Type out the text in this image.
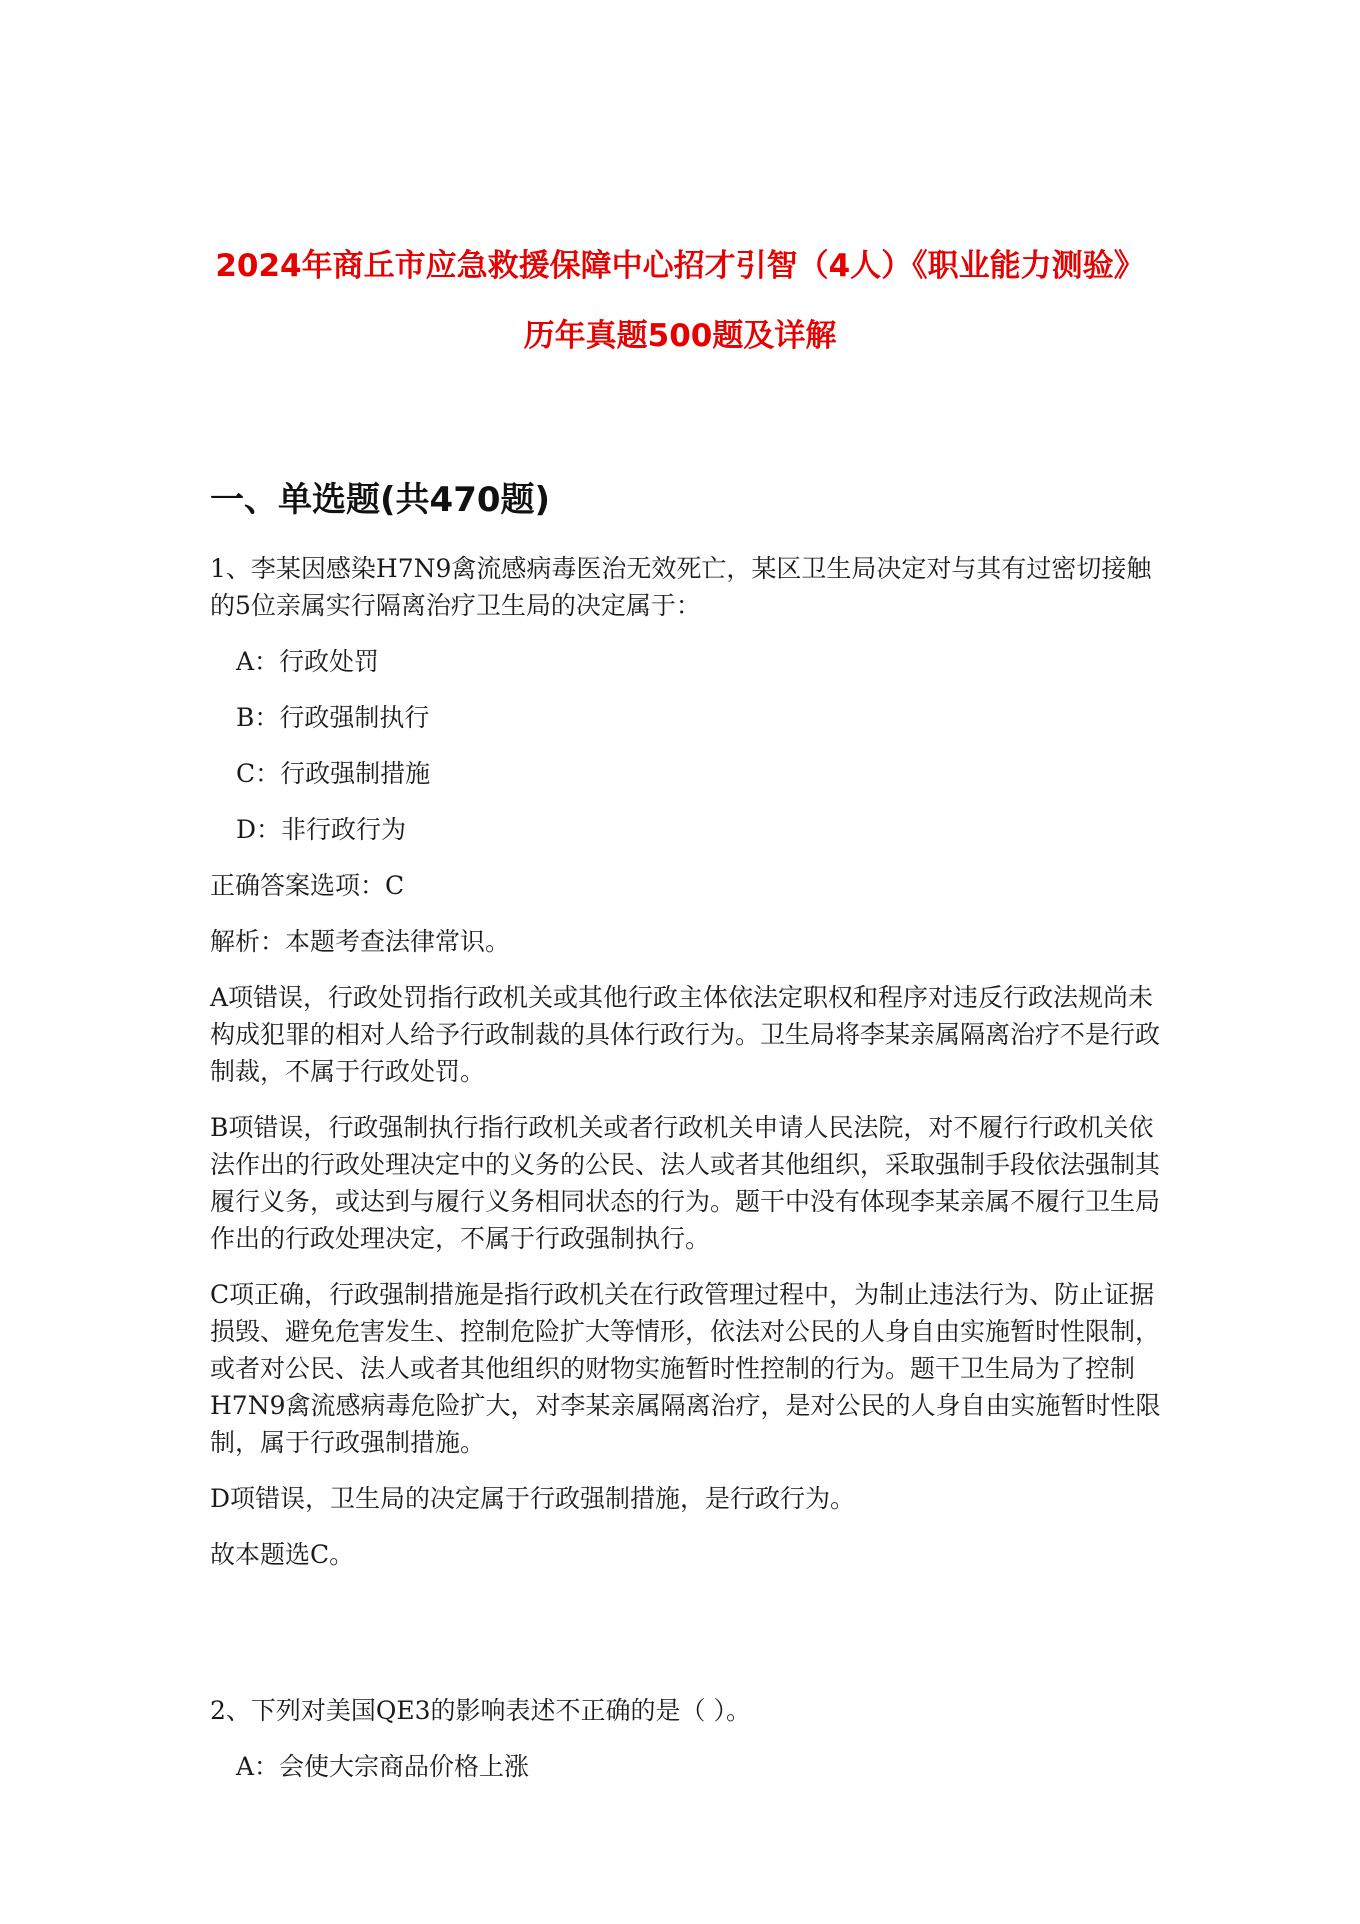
2024年商丘市应急救援保障中心招才引智（4人）《职业能力测验》
历年真题500题及详解
一、单选题(共470题)

1、李某因感染H7N9禽流感病毒医治无效死亡，某区卫生局决定对与其有过密切接触的5位亲属实行隔离治疗卫生局的决定属于：

A：行政处罚

B：行政强制执行

C：行政强制措施

D：非行政行为

正确答案选项：C

解析：本题考查法律常识。

A项错误，行政处罚指行政机关或其他行政主体依法定职权和程序对违反行政法规尚未构成犯罪的相对人给予行政制裁的具体行政行为。卫生局将李某亲属隔离治疗不是行政制裁，不属于行政处罚。

B项错误，行政强制执行指行政机关或者行政机关申请人民法院，对不履行行政机关依法作出的行政处理决定中的义务的公民、法人或者其他组织，采取强制手段依法强制其履行义务，或达到与履行义务相同状态的行为。题干中没有体现李某亲属不履行卫生局作出的行政处理决定，不属于行政强制执行。

C项正确，行政强制措施是指行政机关在行政管理过程中，为制止违法行为、防止证据损毁、避免危害发生、控制危险扩大等情形，依法对公民的人身自由实施暂时性限制，或者对公民、法人或者其他组织的财物实施暂时性控制的行为。题干卫生局为了控制H7N9禽流感病毒危险扩大，对李某亲属隔离治疗，是对公民的人身自由实施暂时性限制，属于行政强制措施。

D项错误，卫生局的决定属于行政强制措施，是行政行为。

故本题选C。

2、下列对美国QE3的影响表述不正确的是（ ）。

A：会使大宗商品价格上涨
